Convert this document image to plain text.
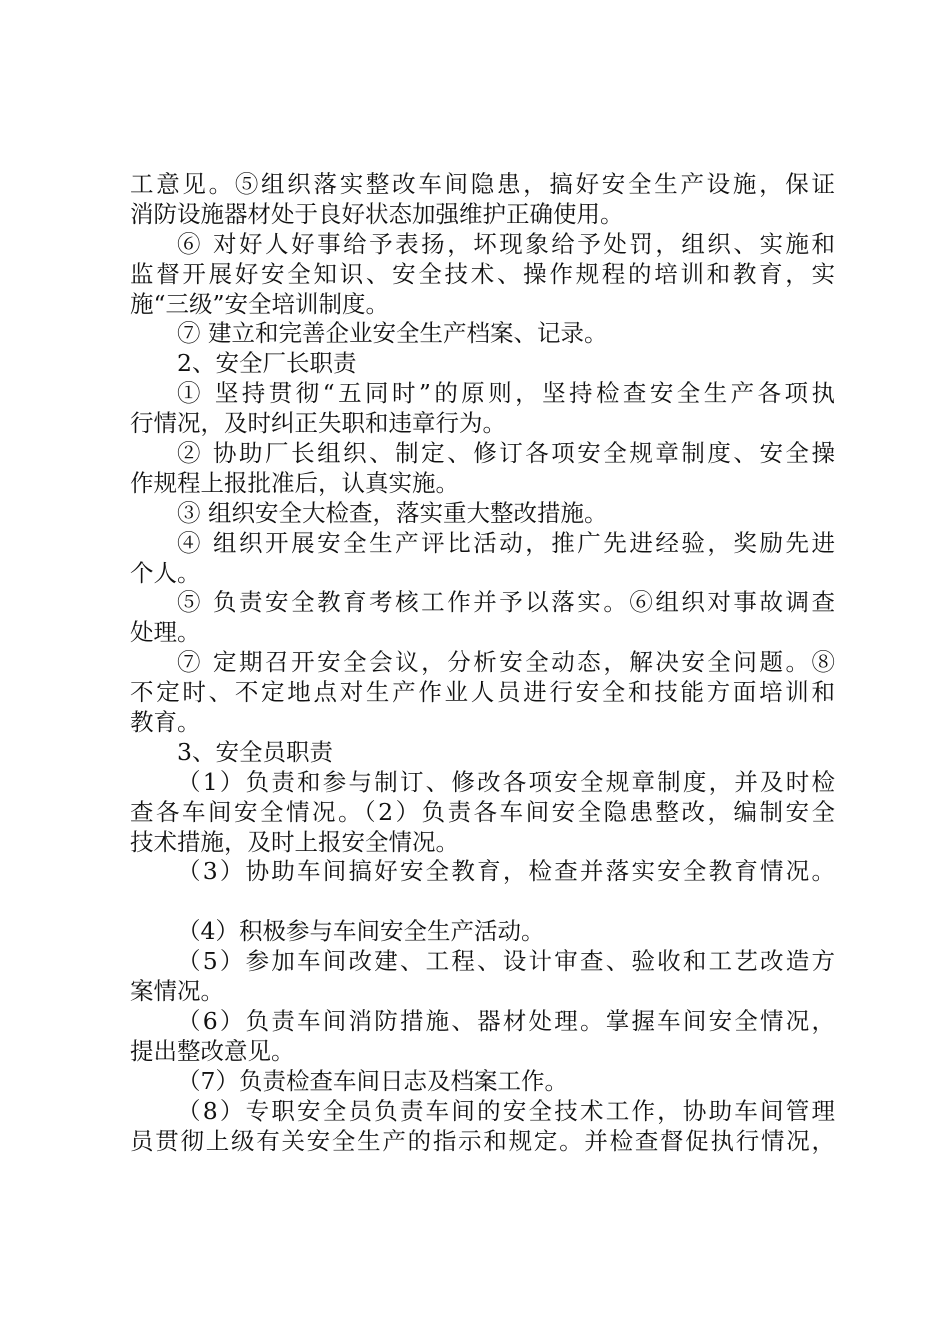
工意见。⑤组织落实整改车间隐患，搞好安全生产设施，保证
消防设施器材处于良好状态加强维护正确使用。
⑥ 对好人好事给予表扬，坏现象给予处罚，组织、实施和
监督开展好安全知识、安全技术、操作规程的培训和教育，实
施“三级”安全培训制度。
⑦ 建立和完善企业安全生产档案、记录。
2、安全厂长职责
① 坚持贯彻“五同时”的原则，坚持检查安全生产各项执
行情况，及时纠正失职和违章行为。
② 协助厂长组织、制定、修订各项安全规章制度、安全操
作规程上报批准后，认真实施。
③ 组织安全大检查，落实重大整改措施。
④ 组织开展安全生产评比活动，推广先进经验，奖励先进
个人。
⑤ 负责安全教育考核工作并予以落实。⑥组织对事故调查
处理。
⑦ 定期召开安全会议，分析安全动态，解决安全问题。⑧
不定时、不定地点对生产作业人员进行安全和技能方面培训和
教育。
3、安全员职责
（1）负责和参与制订、修改各项安全规章制度，并及时检
查各车间安全情况。（2）负责各车间安全隐患整改，编制安全
技术措施，及时上报安全情况。
（3）协助车间搞好安全教育，检查并落实安全教育情况。
（4）积极参与车间安全生产活动。
（5）参加车间改建、工程、设计审查、验收和工艺改造方
案情况。
（6）负责车间消防措施、器材处理。掌握车间安全情况，
提出整改意见。
（7）负责检查车间日志及档案工作。
（8）专职安全员负责车间的安全技术工作，协助车间管理
员贯彻上级有关安全生产的指示和规定。并检查督促执行情况，
